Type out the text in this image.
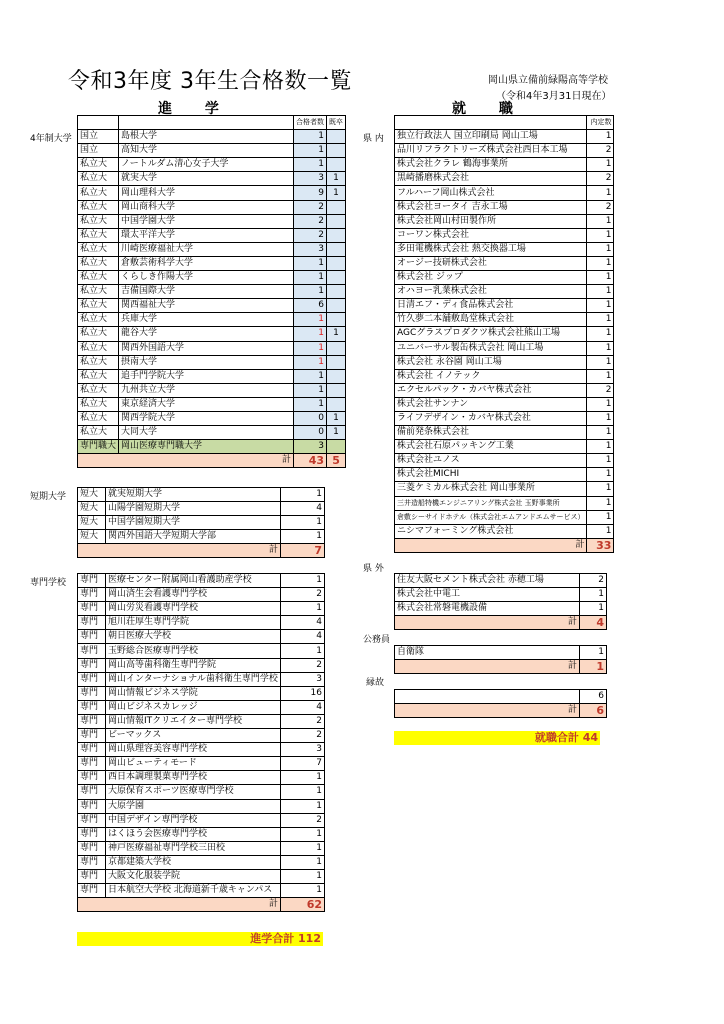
令和3年度 3年生合格数一覧	岡山県立備前緑陽高等学校
（令和4年3月31日現在）
進 学	就 職
4年制大学
短期大学
専門学校
		合格者数	既卒
国立	島根大学	1	
国立	高知大学	1	
私立大	ノートルダム清心女子大学	1	
私立大	就実大学	3	1
私立大	岡山理科大学	9	1
私立大	岡山商科大学	2	
私立大	中国学園大学	2	
私立大	環太平洋大学	2	
私立大	川崎医療福祉大学	3	
私立大	倉敷芸術科学大学	1	
私立大	くらしき作陽大学	1	
私立大	吉備国際大学	1	
私立大	関西福祉大学	6	
私立大	兵庫大学	1	
私立大	龍谷大学	1	1
私立大	関西外国語大学	1	
私立大	摂南大学	1	
私立大	追手門学院大学	1	
私立大	九州共立大学	1	
私立大	東京経済大学	1	
私立大	関西学院大学	0	1
私立大	大同大学	0	1
専門職大	岡山医療専門職大学	3	
計		43	5
短大	就実短期大学	1
短大	山陽学園短期大学	4
短大	中国学園短期大学	1
短大	関西外国語大学短期大学部	1
計		7
専門	医療センター附属岡山看護助産学校	1
専門	岡山済生会看護専門学校	2
専門	岡山労災看護専門学校	1
専門	旭川荘厚生専門学院	4
専門	朝日医療大学校	4
専門	玉野総合医療専門学校	1
専門	岡山高等歯科衛生専門学院	2
専門	岡山インターナショナル歯科衛生専門学校	3
専門	岡山情報ビジネス学院	16
専門	岡山ビジネスカレッジ	4
専門	岡山情報ITクリエイター専門学校	2
専門	ビーマックス	2
専門	岡山県理容美容専門学校	3
専門	岡山ビューティモード	7
専門	西日本調理製菓専門学校	1
専門	大原保育スポーツ医療専門学校	1
専門	大原学園	1
専門	中国デザイン専門学校	2
専門	はくほう会医療専門学校	1
専門	神戸医療福祉専門学校三田校	1
専門	京都建築大学校	1
専門	大阪文化服装学院	1
専門	日本航空大学校 北海道新千歳キャンパス	1
計		62
進学合計 112
県 内
県 外
公務員
縁故
	内定数
独立行政法人 国立印刷局 岡山工場	1
品川リフラクトリーズ株式会社西日本工場	2
株式会社クラレ 鶴海事業所	1
黒崎播磨株式会社	2
フルハーフ岡山株式会社	1
株式会社ヨータイ 吉永工場	2
株式会社岡山村田製作所	1
コーワン株式会社	1
多田電機株式会社 熱交換器工場	1
オージー技研株式会社	1
株式会社 ジップ	1
オハヨー乳業株式会社	1
日清エフ・ディ食品株式会社	1
竹久夢二本舗敷島堂株式会社	1
AGCグラスプロダクツ株式会社熊山工場	1
ユニバーサル製缶株式会社 岡山工場	1
株式会社 永谷園 岡山工場	1
株式会社 イノテック	1
エクセルパック・カバヤ株式会社	2
株式会社サンナン	1
ライフデザイン・カバヤ株式会社	1
備前発条株式会社	1
株式会社石原パッキング工業	1
株式会社ユノス	1
株式会社MICHI	1
三菱ケミカル株式会社 岡山事業所	1
三井造船特機エンジニアリング株式会社 玉野事業所	1
倉敷シーサイドホテル（株式会社エムアンドエムサービス）	1
ニシマフォーミング株式会社	1
計	33
住友大阪セメント株式会社 赤穂工場	2
株式会社中電工	1
株式会社常磐電機設備	1
計	4
自衛隊	1
計	1
	6
計	6
就職合計 44
